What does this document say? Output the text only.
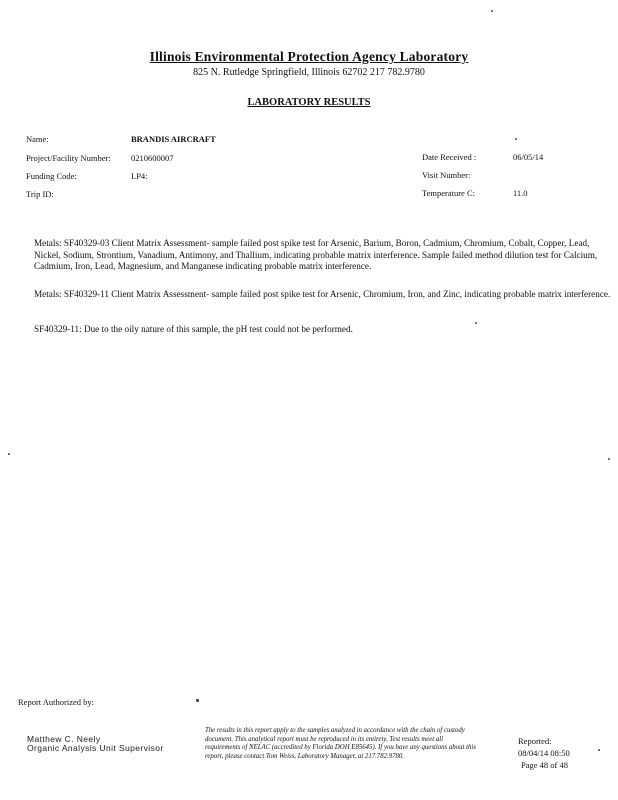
Illinois Environmental Protection Agency Laboratory
825 N. Rutledge Springfield, Illinois 62702 217 782.9780
LABORATORY RESULTS
Name:	BRANDIS AIRCRAFT
Project/Facility Number: 0210600007
Funding Code:	LP4:
Trip ID:
Date Received :	06/05/14
Visit Number:
Temperature C:	11.0
Metals: SF40329-03 Client Matrix Assessment- sample failed post spike test for Arsenic, Barium, Boron, Cadmium, Chromium, Cobalt, Copper, Lead, Nickel, Sodium, Strontium, Vanadium, Antimony, and Thallium, indicating probable matrix interference. Sample failed method dilution test for Calcium, Cadmium, Iron, Lead, Magnesium, and Manganese indicating probable matrix interference.
Metals: SF40329-11 Client Matrix Assessment- sample failed post spike test for Arsenic, Chromium, Iron, and Zinc, indicating probable matrix interference.
SF40329-11: Due to the oily nature of this sample, the pH test could not be performed.
Report Authorized by:
Matthew C. Neely
Organic Analysis Unit Supervisor
The results in this report apply to the samples analyzed in accordance with the chain of custody document. This analytical report must be reproduced in its entirety. Test results meet all requirements of NELAC (accredited by Florida DOH E85645). If you have any questions about this report, please contact Tom Weiss, Laboratory Manager, at 217.782.9780.
Reported:
08/04/14 08:50
Page 48 of 48
